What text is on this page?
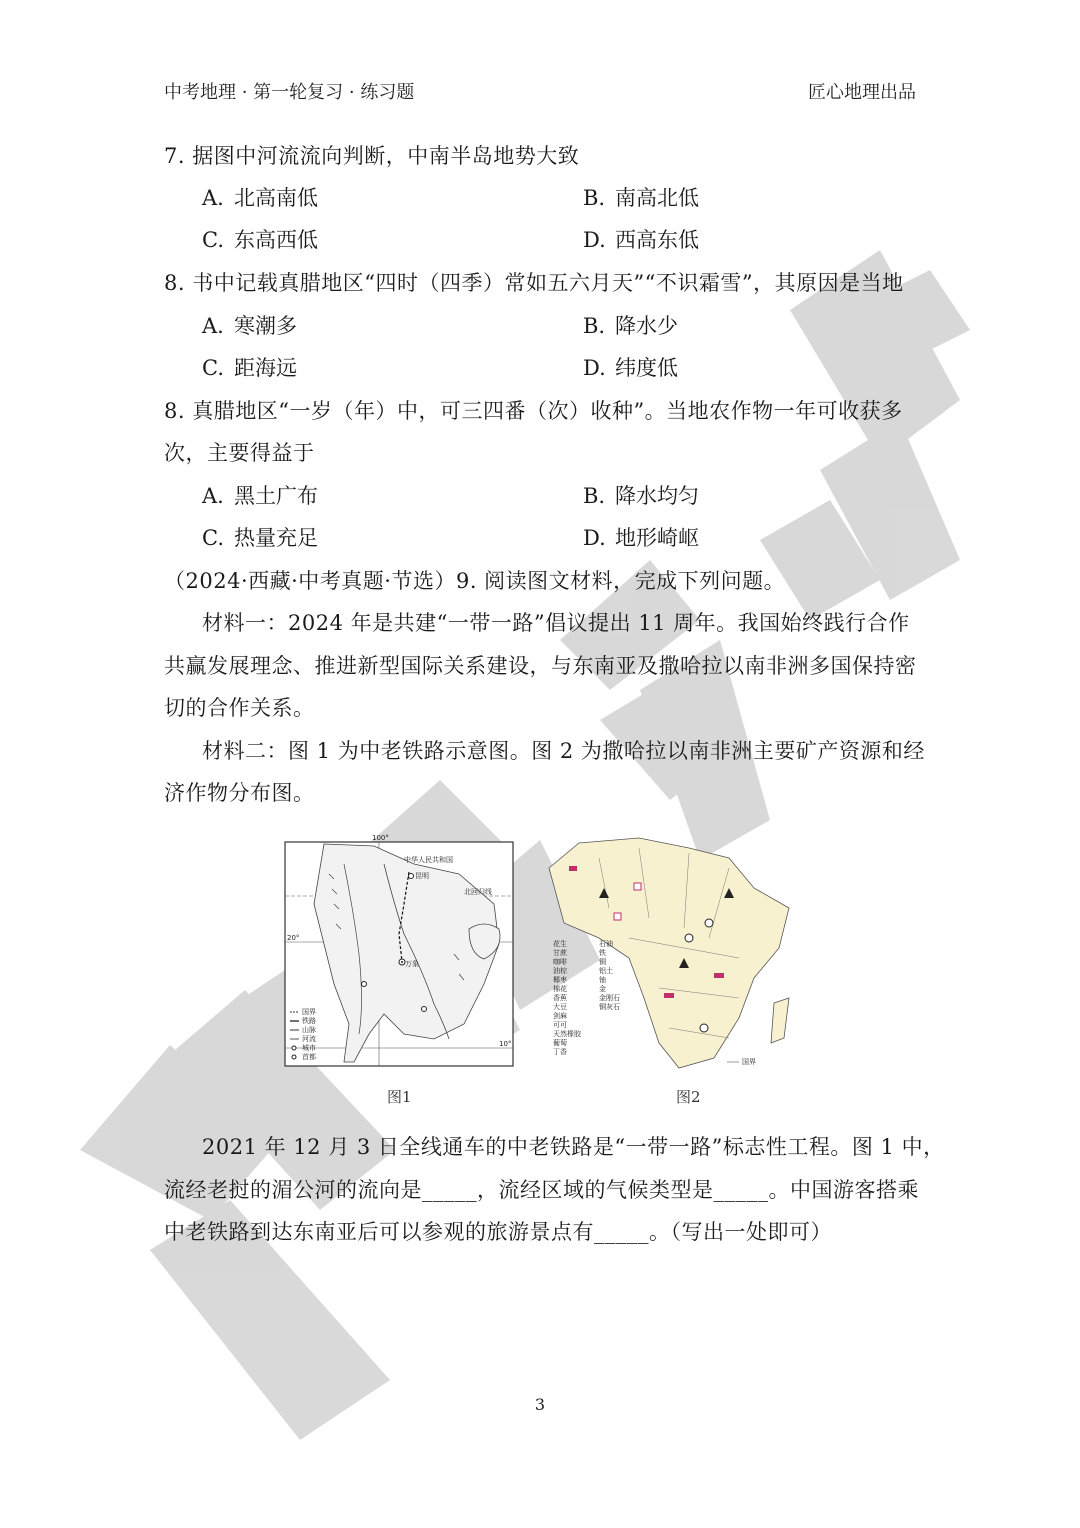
中考地理 · 第一轮复习 · 练习题	匠心地理出品
7. 据图中河流流向判断，中南半岛地势大致
A. 北高南低	B. 南高北低
C. 东高西低	D. 西高东低
8. 书中记载真腊地区“四时（四季）常如五六月天”“不识霜雪”，其原因是当地
A. 寒潮多	B. 降水少
C. 距海远	D. 纬度低
8. 真腊地区“一岁（年）中，可三四番（次）收种”。当地农作物一年可收获多
次，主要得益于
A. 黑土广布	B. 降水均匀
C. 热量充足	D. 地形崎岖
（2024·西藏·中考真题·节选）9. 阅读图文材料，完成下列问题。
材料一：2024 年是共建“一带一路”倡议提出 11 周年。我国始终践行合作
共赢发展理念、推进新型国际关系建设，与东南亚及撒哈拉以南非洲多国保持密
切的合作关系。
材料二：图 1 为中老铁路示意图。图 2 为撒哈拉以南非洲主要矿产资源和经
济作物分布图。
100°
中华人民共和国
昆明
北回归线
20°
10°
万象
国界
铁路
山脉
河流
城市
首都
花生
甘蔗
咖啡
油棕
椰枣
棉花
香蕉
大豆
剑麻
可可
天然橡胶
葡萄
丁香
石油
铁
铜
铝土
铀
金
金刚石
铜灰石
国界
图1	图2
2021 年 12 月 3 日全线通车的中老铁路是“一带一路”标志性工程。图 1 中，
流经老挝的湄公河的流向是_____，流经区域的气候类型是_____。中国游客搭乘
中老铁路到达东南亚后可以参观的旅游景点有_____。（写出一处即可）
3
